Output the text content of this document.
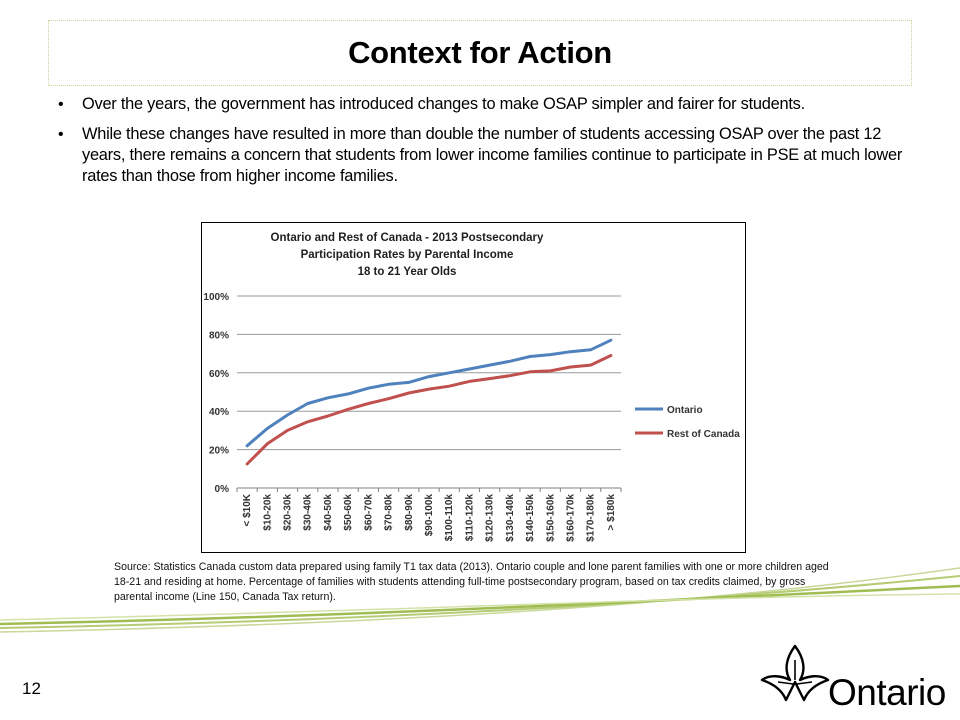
Context for Action
• Over the years, the government has introduced changes to make OSAP simpler and fairer for students.
• While these changes have resulted in more than double the number of students accessing OSAP over the past 12 years, there remains a concern that students from lower income families continue to participate in PSE at much lower rates than those from higher income families.
Ontario and Rest of Canada - 2013 Postsecondary
Participation Rates by Parental Income
18 to 21 Year Olds
0%
20%
40%
60%
80%
100%
< $10K $10-20k $20-30k $30-40k $40-50k $50-60k $60-70k $70-80k $80-90k $90-100k $100-110k $110-120k $120-130k $130-140k $140-150k $150-160k $160-170k $170-180k > $180k
Ontario
Rest of Canada
Source: Statistics Canada custom data prepared using family T1 tax data (2013). Ontario couple and lone parent families with one or more children aged 18-21 and residing at home. Percentage of families with students attending full-time postsecondary program, based on tax credits claimed, by gross parental income (Line 150, Canada Tax return).
12	Ontario
